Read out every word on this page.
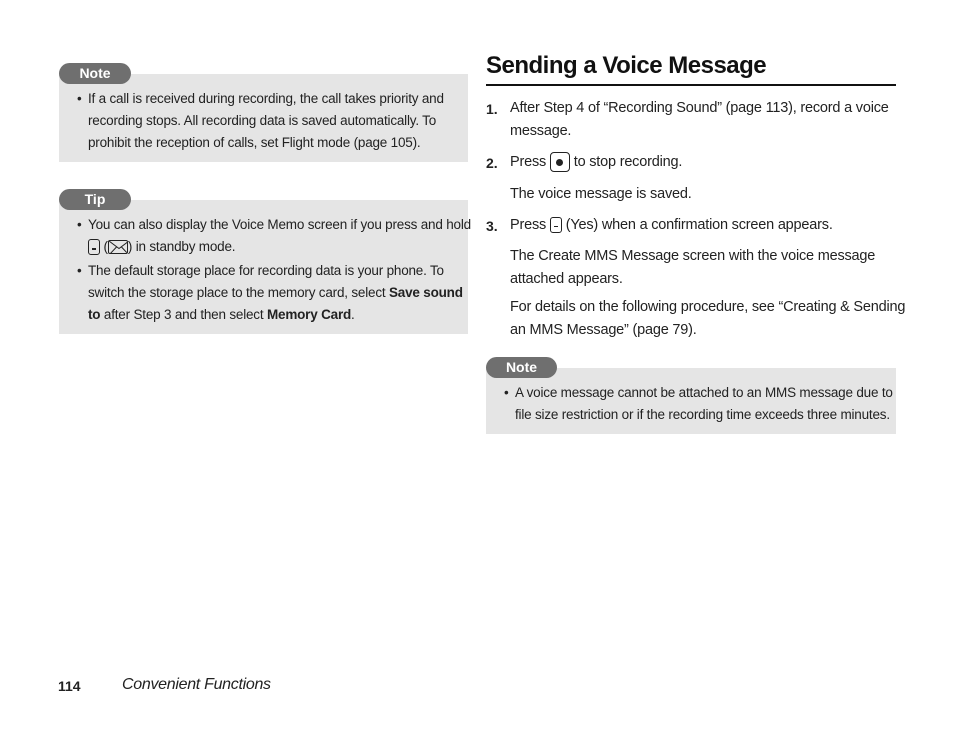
Note
• If a call is received during recording, the call takes priority and
recording stops. All recording data is saved automatically. To
prohibit the reception of calls, set Flight mode (page 105).
Tip
• You can also display the Voice Memo screen if you press and hold
( ) in standby mode.
• The default storage place for recording data is your phone. To
switch the storage place to the memory card, select Save sound
to after Step 3 and then select Memory Card.
Sending a Voice Message
1. After Step 4 of “Recording Sound” (page 113), record a voice
message.
2. Press  to stop recording.
The voice message is saved.
3. Press  (Yes) when a confirmation screen appears.
The Create MMS Message screen with the voice message
attached appears.
For details on the following procedure, see “Creating & Sending
an MMS Message” (page 79).
Note
• A voice message cannot be attached to an MMS message due to
file size restriction or if the recording time exceeds three minutes.
114	Convenient Functions
